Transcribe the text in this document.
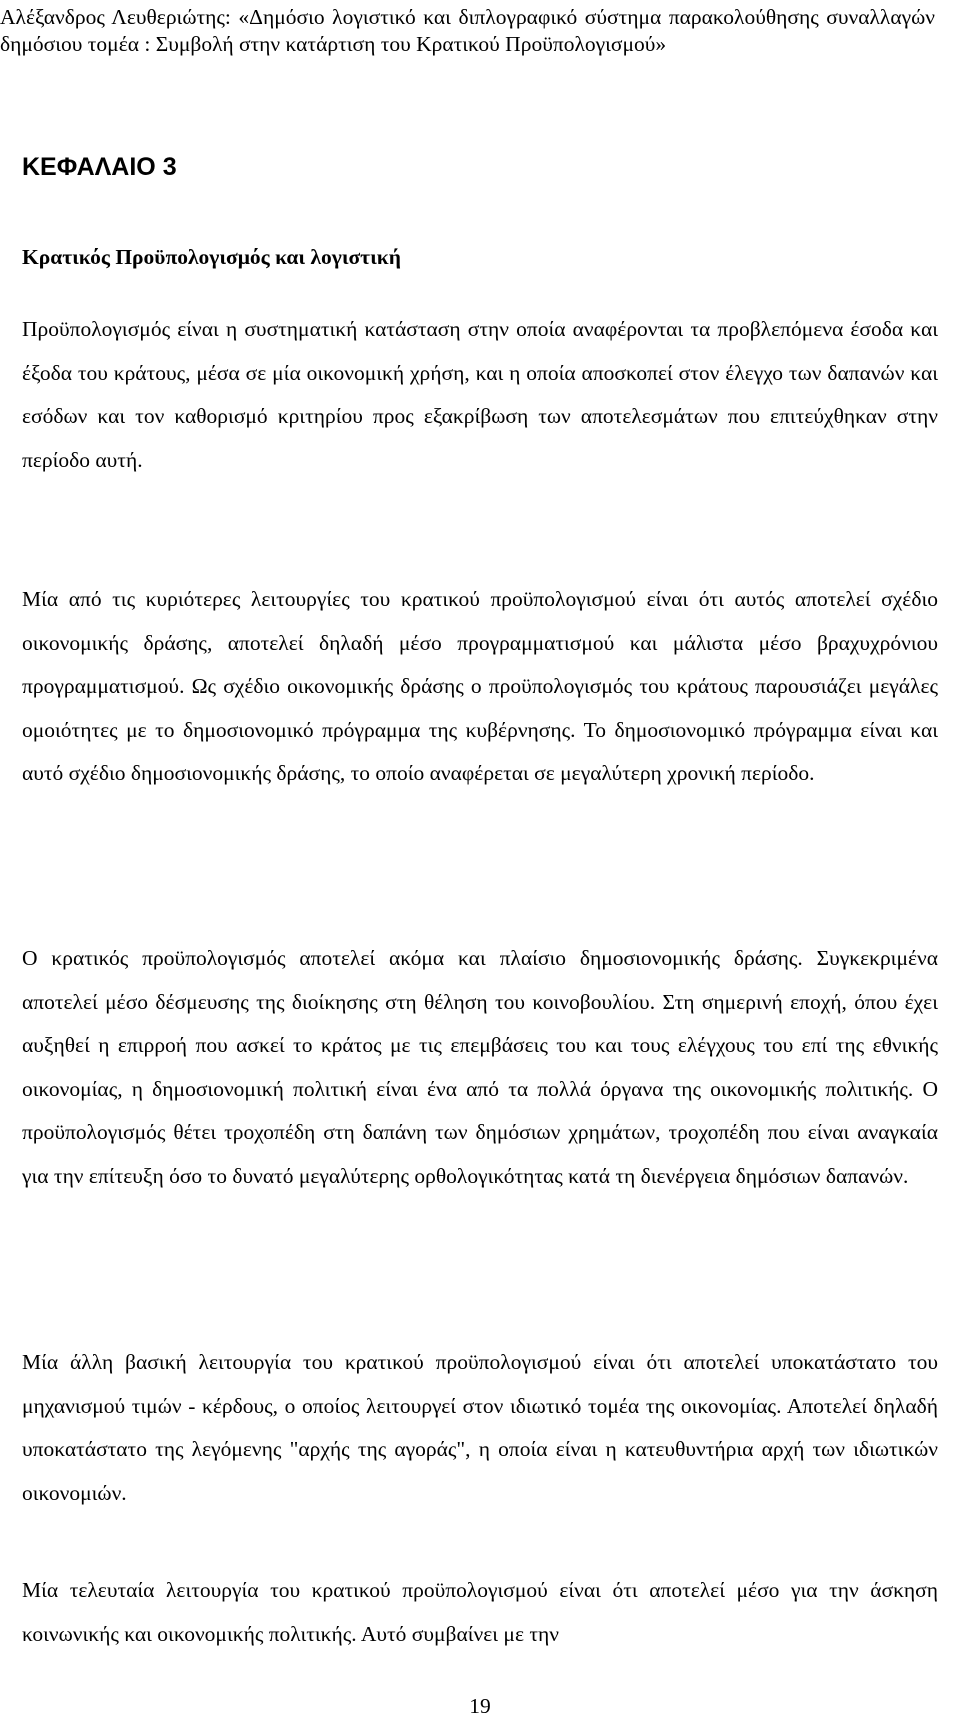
Αλέξανδρος Λευθεριώτης: «Δημόσιο λογιστικό και διπλογραφικό σύστημα παρακολούθησης συναλλαγών δημόσιου τομέα : Συμβολή στην κατάρτιση του Κρατικού Προϋπολογισμού»
ΚΕΦΑΛΑΙΟ 3
Κρατικός Προϋπολογισμός και λογιστική

Προϋπολογισμός είναι η συστηματική κατάσταση στην οποία αναφέρονται τα προβλεπόμενα έσοδα και έξοδα του κράτους, μέσα σε μία οικονομική χρήση, και η οποία αποσκοπεί στον έλεγχο των δαπανών και εσόδων και τον καθορισμό κριτηρίου προς εξακρίβωση των αποτελεσμάτων που επιτεύχθηκαν στην περίοδο αυτή.

Μία από τις κυριότερες λειτουργίες του κρατικού προϋπολογισμού είναι ότι αυτός αποτελεί σχέδιο οικονομικής δράσης, αποτελεί δηλαδή μέσο προγραμματισμού και μάλιστα μέσο βραχυχρόνιου προγραμματισμού. Ως σχέδιο οικονομικής δράσης ο προϋπολογισμός του κράτους παρουσιάζει μεγάλες ομοιότητες με το δημοσιονομικό πρόγραμμα της κυβέρνησης. Το δημοσιονομικό πρόγραμμα είναι και αυτό σχέδιο δημοσιονομικής δράσης, το οποίο αναφέρεται σε μεγαλύτερη χρονική περίοδο.

Ο κρατικός προϋπολογισμός αποτελεί ακόμα και πλαίσιο δημοσιονομικής δράσης. Συγκεκριμένα αποτελεί μέσο δέσμευσης της διοίκησης στη θέληση του κοινοβουλίου. Στη σημερινή εποχή, όπου έχει αυξηθεί η επιρροή που ασκεί το κράτος με τις επεμβάσεις του και τους ελέγχους του επί της εθνικής οικονομίας, η δημοσιονομική πολιτική είναι ένα από τα πολλά όργανα της οικονομικής πολιτικής. Ο προϋπολογισμός θέτει τροχοπέδη στη δαπάνη των δημόσιων χρημάτων, τροχοπέδη που είναι αναγκαία για την επίτευξη όσο το δυνατό μεγαλύτερης ορθολογικότητας κατά τη διενέργεια δημόσιων δαπανών.

Μία άλλη βασική λειτουργία του κρατικού προϋπολογισμού είναι ότι αποτελεί υποκατάστατο του μηχανισμού τιμών - κέρδους, ο οποίος λειτουργεί στον ιδιωτικό τομέα της οικονομίας. Αποτελεί δηλαδή υποκατάστατο της λεγόμενης "αρχής της αγοράς", η οποία είναι η κατευθυντήρια αρχή των ιδιωτικών οικονομιών.

Μία τελευταία λειτουργία του κρατικού προϋπολογισμού είναι ότι αποτελεί μέσο για την άσκηση κοινωνικής και οικονομικής πολιτικής. Αυτό συμβαίνει με την

19
